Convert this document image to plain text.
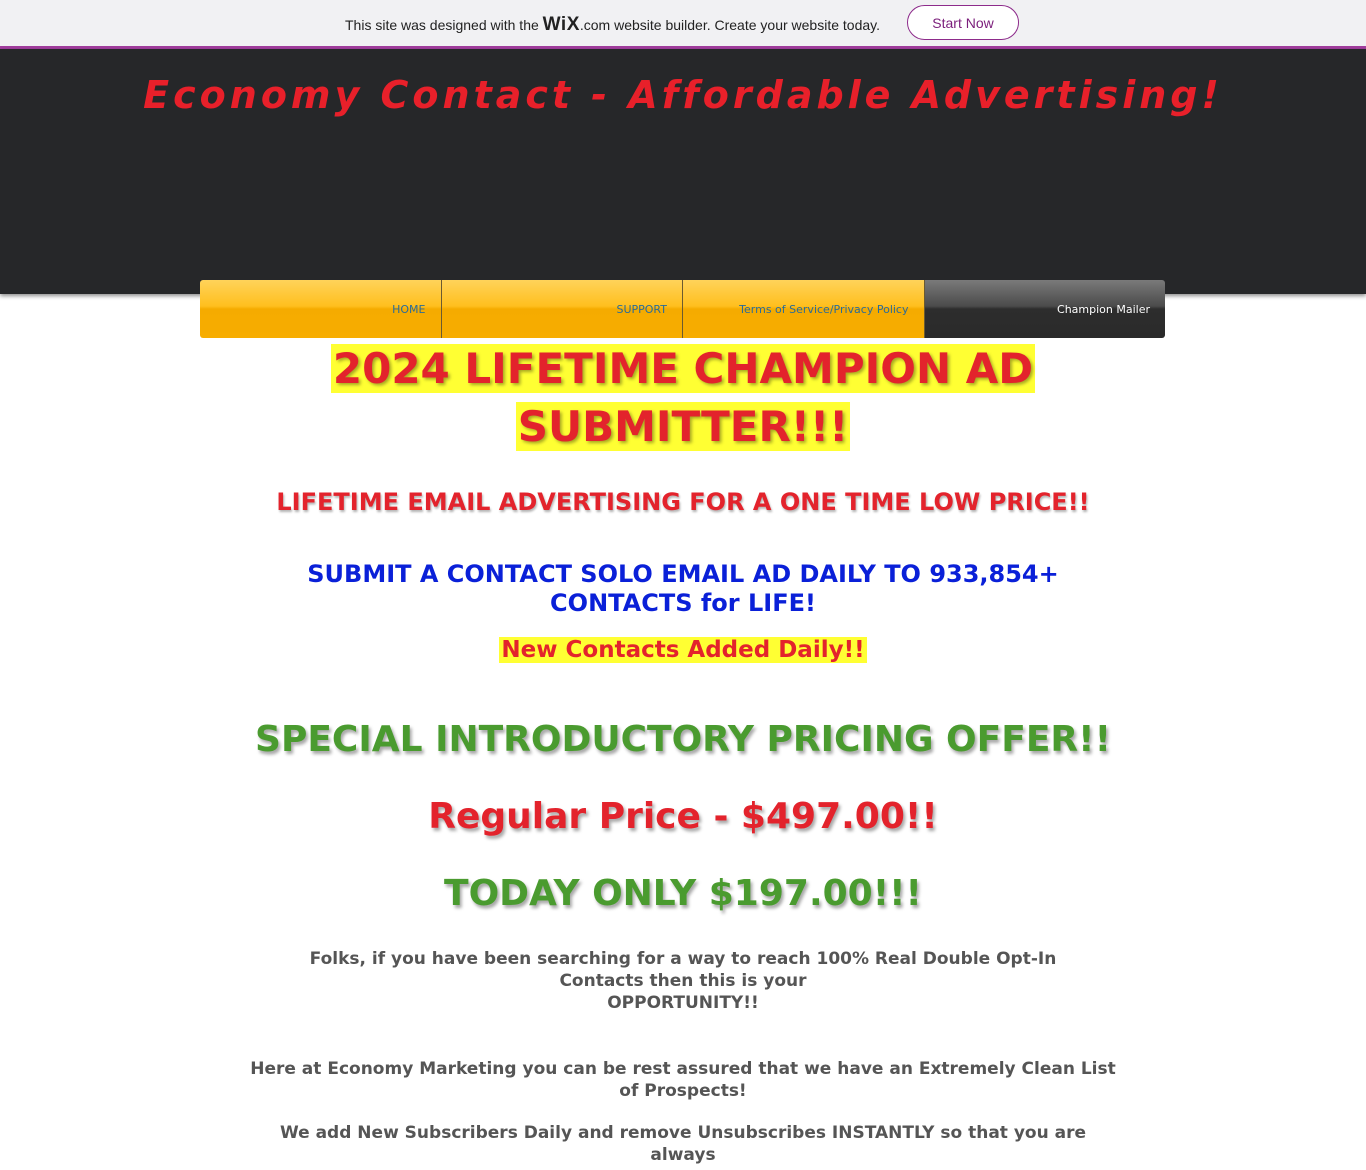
This site was designed with the WiX.com website builder. Create your website today.	Start Now
Economy Contact - Affordable Advertising!
HOME	SUPPORT	Terms of Service/Privacy Policy	Champion Mailer
2024 LIFETIME CHAMPION AD
SUBMITTER!!!
LIFETIME EMAIL ADVERTISING FOR A ONE TIME LOW PRICE!!
SUBMIT A CONTACT SOLO EMAIL AD DAILY TO 933,854+ CONTACTS for LIFE!
New Contacts Added Daily!!
SPECIAL INTRODUCTORY PRICING OFFER!!
Regular Price - $497.00!!
TODAY ONLY $197.00!!!
Folks, if you have been searching for a way to reach 100% Real Double Opt-In Contacts then this is your
OPPORTUNITY!!
Here at Economy Marketing you can be rest assured that we have an Extremely Clean List of Prospects!
We add New Subscribers Daily and remove Unsubscribes INSTANTLY so that you are always
